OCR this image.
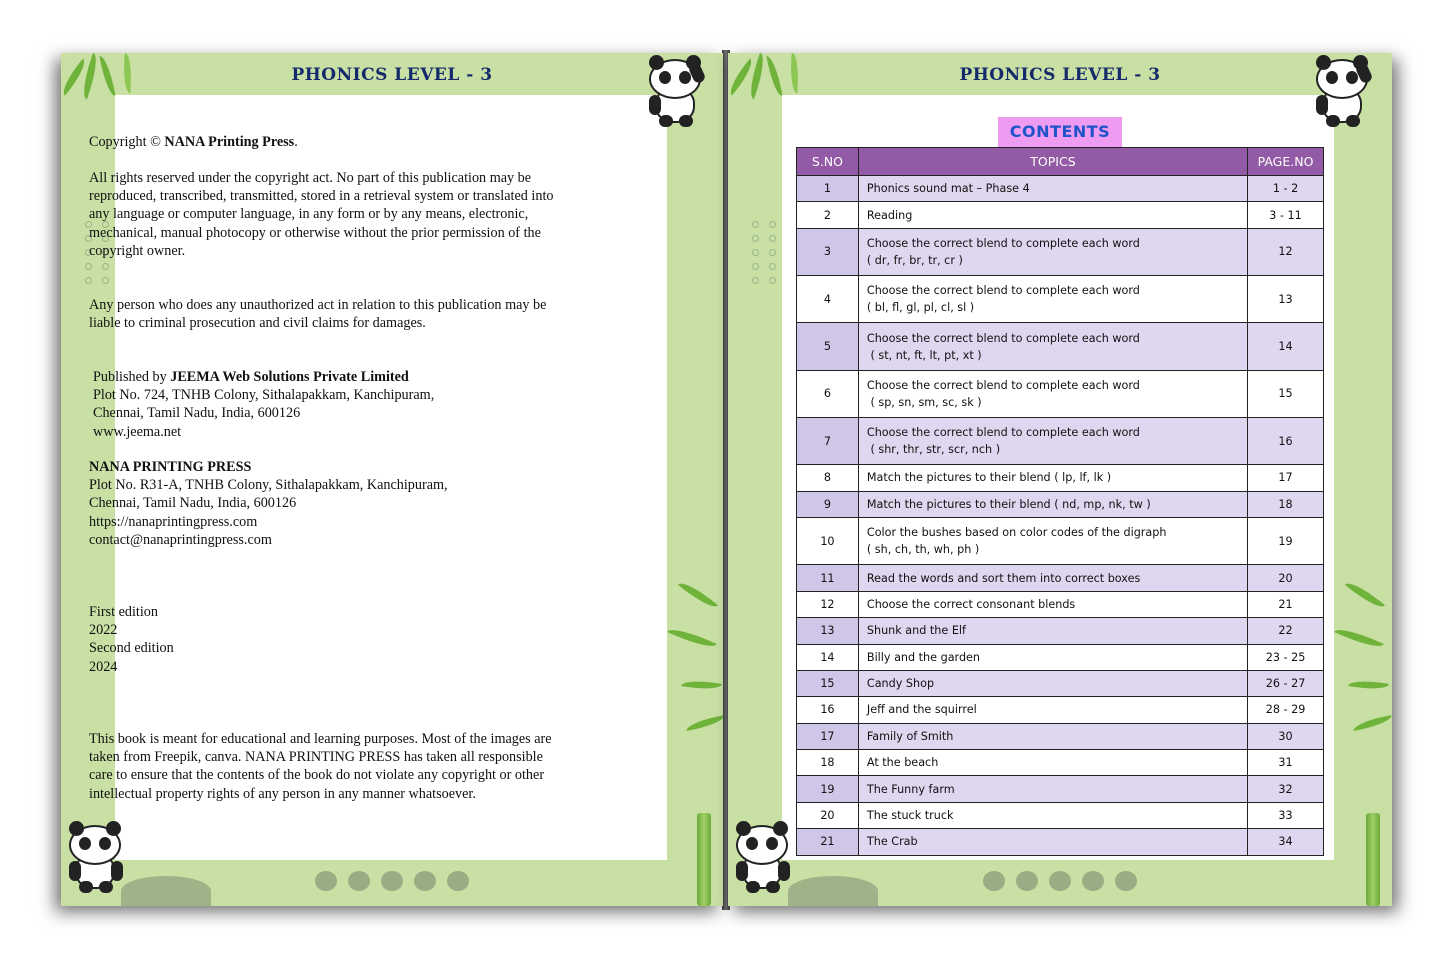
PHONICS LEVEL - 3

Copyright © NANA Printing Press.

All rights reserved under the copyright act. No part of this publication may be
reproduced, transcribed, transmitted, stored in a retrieval system or translated into
any language or computer language, in any form or by any means, electronic,
mechanical, manual photocopy or otherwise without the prior permission of the
copyright owner.

Any person who does any unauthorized act in relation to this publication may be
liable to criminal prosecution and civil claims for damages.

Published by JEEMA Web Solutions Private Limited
Plot No. 724, TNHB Colony, Sithalapakkam, Kanchipuram,
Chennai, Tamil Nadu, India, 600126
www.jeema.net

NANA PRINTING PRESS
Plot No. R31-A, TNHB Colony, Sithalapakkam, Kanchipuram,
Chennai, Tamil Nadu, India, 600126
https://nanaprintingpress.com
contact@nanaprintingpress.com

First edition
2022
Second edition
2024

This book is meant for educational and learning purposes. Most of the images are
taken from Freepik, canva. NANA PRINTING PRESS has taken all responsible
care to ensure that the contents of the book do not violate any copyright or other
intellectual property rights of any person in any manner whatsoever.

PHONICS LEVEL - 3
CONTENTS
S.NO	TOPICS	PAGE.NO
1	Phonics sound mat – Phase 4	1 - 2
2	Reading	3 - 11
3	Choose the correct blend to complete each word
( dr, fr, br, tr, cr )	12
4	Choose the correct blend to complete each word
( bl, fl, gl, pl, cl, sl )	13
5	Choose the correct blend to complete each word
( st, nt, ft, lt, pt, xt )	14
6	Choose the correct blend to complete each word
( sp, sn, sm, sc, sk )	15
7	Choose the correct blend to complete each word
( shr, thr, str, scr, nch )	16
8	Match the pictures to their blend ( lp, lf, lk )	17
9	Match the pictures to their blend ( nd, mp, nk, tw )	18
10	Color the bushes based on color codes of the digraph
( sh, ch, th, wh, ph )	19
11	Read the words and sort them into correct boxes	20
12	Choose the correct consonant blends	21
13	Shunk and the Elf	22
14	Billy and the garden	23 - 25
15	Candy Shop	26 - 27
16	Jeff and the squirrel	28 - 29
17	Family of Smith	30
18	At the beach	31
19	The Funny farm	32
20	The stuck truck	33
21	The Crab	34
